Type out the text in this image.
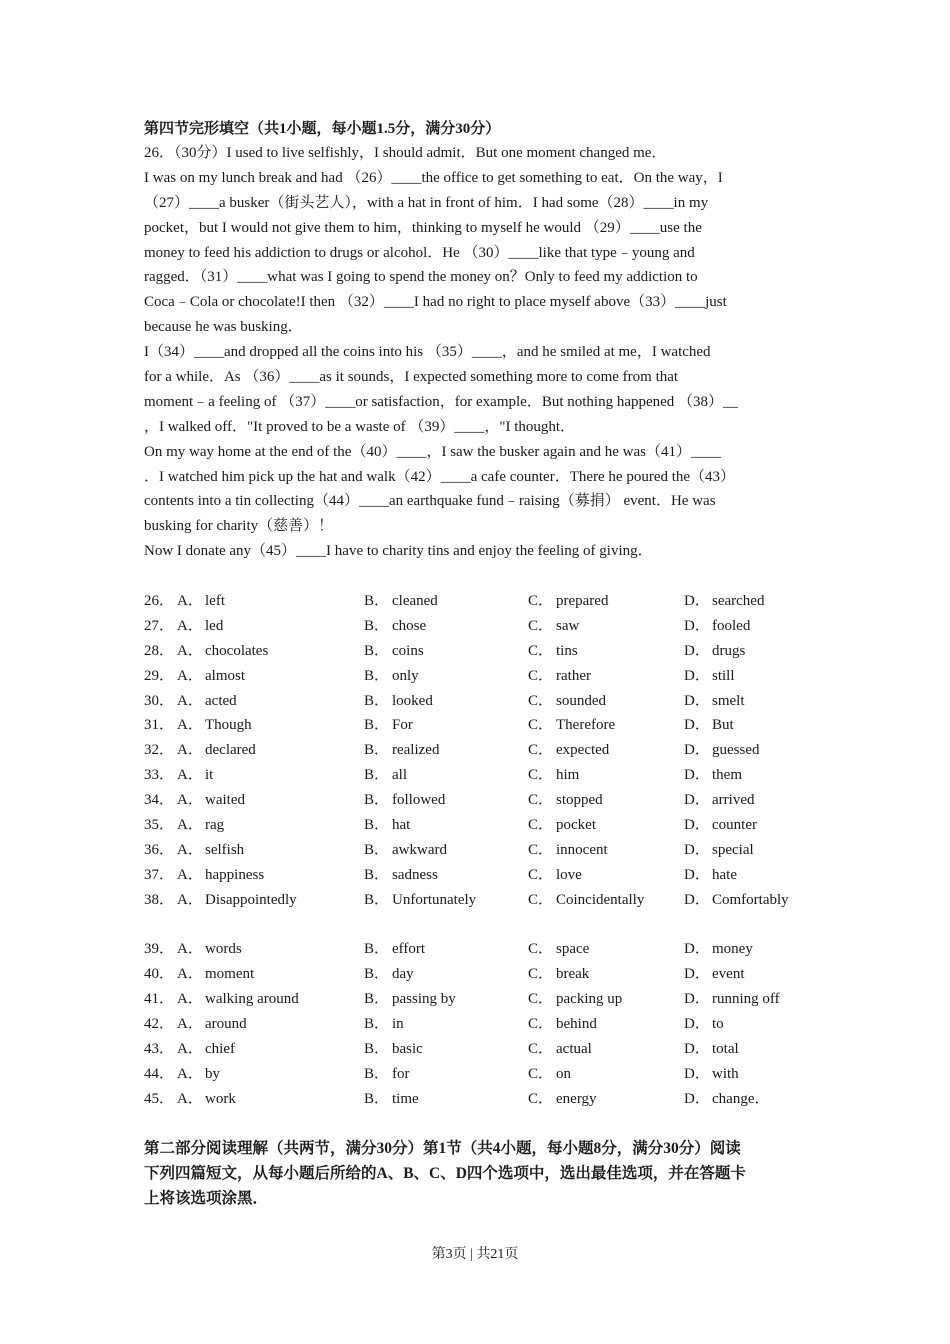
第四节完形填空（共1小题，每小题1.5分，满分30分）
26．（30分）I used to live selfishly，I should admit．But one moment changed me．
I was on my lunch break and had （26）____the office to get something to eat．On the way，I
（27）____a busker（街头艺人），with a hat in front of him．I had some（28）____in my
pocket，but I would not give them to him，thinking to myself he would （29）____use the
money to feed his addiction to drugs or alcohol．He （30）____like that type﹣young and
ragged．（31）____what was I going to spend the money on？Only to feed my addiction to
Coca﹣Cola or chocolate!I then （32）____I had no right to place myself above（33）____just
because he was busking．
I（34）____and dropped all the coins into his （35）____，and he smiled at me，I watched
for a while．As （36）____as it sounds，I expected something more to come from that
moment﹣a feeling of （37）____or satisfaction，for example．But nothing happened （38）__
，I walked off．"It proved to be a waste of （39）____，"I thought．
On my way home at the end of the（40）____，I saw the busker again and he was（41）____
．I watched him pick up the hat and walk（42）____a cafe counter．There he poured the（43）
contents into a tin collecting（44）____an earthquake fund﹣raising（募捐） event．He was
busking for charity（慈善）！
Now I donate any（45）____I have to charity tins and enjoy the feeling of giving．
26． A． left	B． cleaned	C． prepared	D． searched
27． A． led	B． chose	C． saw	D． fooled
28． A． chocolates	B． coins	C． tins	D． drugs
29． A． almost	B． only	C． rather	D． still
30． A． acted	B． looked	C． sounded	D． smelt
31． A． Though	B． For	C． Therefore	D． But
32． A． declared	B． realized	C． expected	D． guessed
33． A． it	B． all	C． him	D． them
34． A． waited	B． followed	C． stopped	D． arrived
35． A． rag	B． hat	C． pocket	D． counter
36． A． selfish	B． awkward	C． innocent	D． special
37． A． happiness	B． sadness	C． love	D． hate
38． A． Disappointedly	B． Unfortunately	C． Coincidentally	D． Comfortably
39． A． words	B． effort	C． space	D． money
40． A． moment	B． day	C． break	D． event
41． A． walking around	B． passing by	C． packing up	D． running off
42． A． around	B． in	C． behind	D． to
43． A． chief	B． basic	C． actual	D． total
44． A． by	B． for	C． on	D． with
45． A． work	B． time	C． energy	D． change．
第二部分阅读理解（共两节，满分30分）第1节（共4小题，每小题8分，满分30分）阅读
下列四篇短文，从每小题后所给的A、B、C、D四个选项中，选出最佳选项，并在答题卡
上将该选项涂黑．
第3页 | 共21页
